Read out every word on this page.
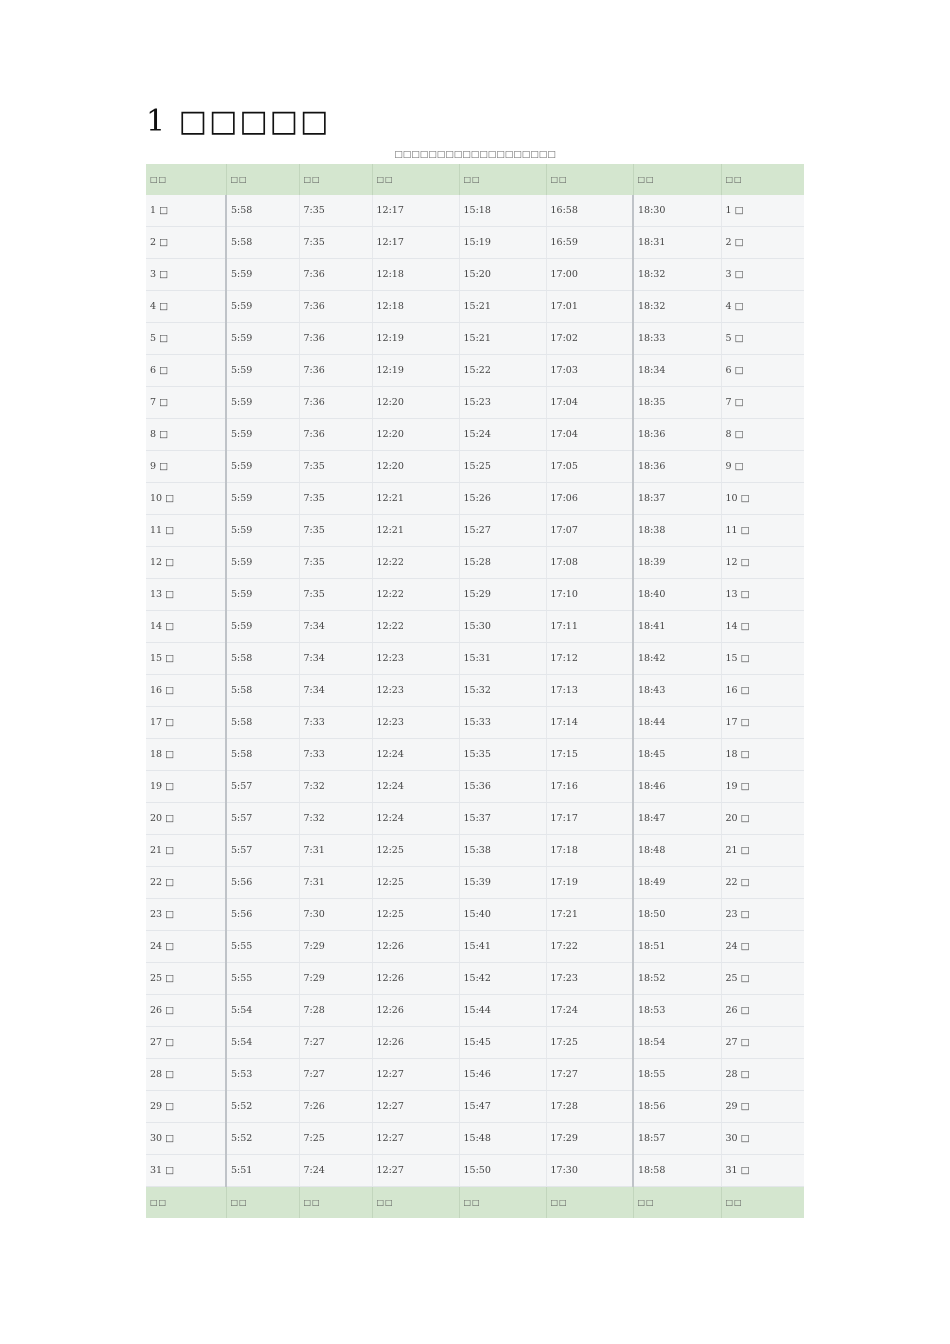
1 □□□□□
□□□□□□□□□□□□□□□□□□□
□□	□□	□□	□□	□□	□□	□□	□□
1 □	5:58	7:35	12:17	15:18	16:58	18:30	1 □
2 □	5:58	7:35	12:17	15:19	16:59	18:31	2 □
3 □	5:59	7:36	12:18	15:20	17:00	18:32	3 □
4 □	5:59	7:36	12:18	15:21	17:01	18:32	4 □
5 □	5:59	7:36	12:19	15:21	17:02	18:33	5 □
6 □	5:59	7:36	12:19	15:22	17:03	18:34	6 □
7 □	5:59	7:36	12:20	15:23	17:04	18:35	7 □
8 □	5:59	7:36	12:20	15:24	17:04	18:36	8 □
9 □	5:59	7:35	12:20	15:25	17:05	18:36	9 □
10 □	5:59	7:35	12:21	15:26	17:06	18:37	10 □
11 □	5:59	7:35	12:21	15:27	17:07	18:38	11 □
12 □	5:59	7:35	12:22	15:28	17:08	18:39	12 □
13 □	5:59	7:35	12:22	15:29	17:10	18:40	13 □
14 □	5:59	7:34	12:22	15:30	17:11	18:41	14 □
15 □	5:58	7:34	12:23	15:31	17:12	18:42	15 □
16 □	5:58	7:34	12:23	15:32	17:13	18:43	16 □
17 □	5:58	7:33	12:23	15:33	17:14	18:44	17 □
18 □	5:58	7:33	12:24	15:35	17:15	18:45	18 □
19 □	5:57	7:32	12:24	15:36	17:16	18:46	19 □
20 □	5:57	7:32	12:24	15:37	17:17	18:47	20 □
21 □	5:57	7:31	12:25	15:38	17:18	18:48	21 □
22 □	5:56	7:31	12:25	15:39	17:19	18:49	22 □
23 □	5:56	7:30	12:25	15:40	17:21	18:50	23 □
24 □	5:55	7:29	12:26	15:41	17:22	18:51	24 □
25 □	5:55	7:29	12:26	15:42	17:23	18:52	25 □
26 □	5:54	7:28	12:26	15:44	17:24	18:53	26 □
27 □	5:54	7:27	12:26	15:45	17:25	18:54	27 □
28 □	5:53	7:27	12:27	15:46	17:27	18:55	28 □
29 □	5:52	7:26	12:27	15:47	17:28	18:56	29 □
30 □	5:52	7:25	12:27	15:48	17:29	18:57	30 □
31 □	5:51	7:24	12:27	15:50	17:30	18:58	31 □
□□	□□	□□	□□	□□	□□	□□	□□
